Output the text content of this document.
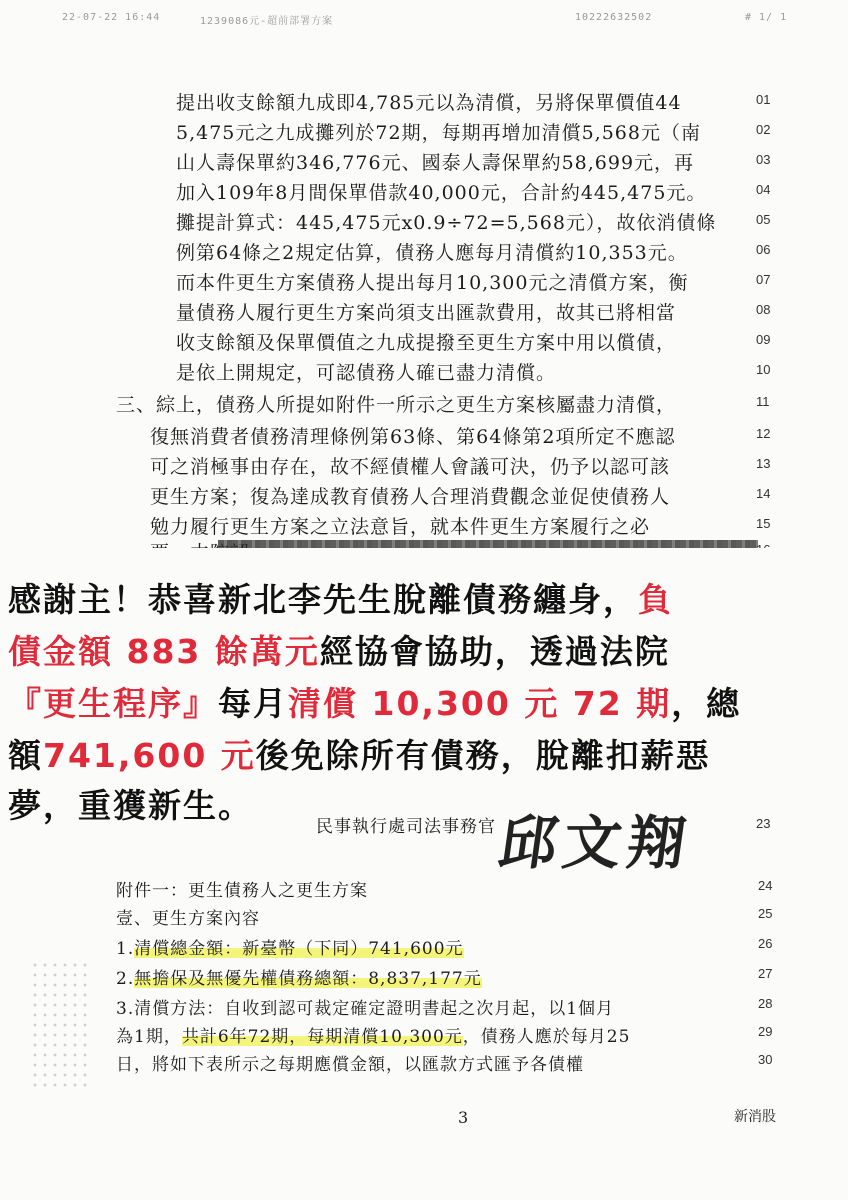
22-07-22 16:44	1239086元-超前部署方案	10222632502	# 1/ 1
提出收支餘額九成即4,785元以為清償，另將保單價值44	01
5,475元之九成攤列於72期，每期再增加清償5,568元（南	02
山人壽保單約346,776元、國泰人壽保單約58,699元，再	03
加入109年8月間保單借款40,000元，合計約445,475元。	04
攤提計算式：445,475元x0.9÷72=5,568元），故依消債條	05
例第64條之2規定估算，債務人應每月清償約10,353元。	06
而本件更生方案債務人提出每月10,300元之清償方案，衡	07
量債務人履行更生方案尚須支出匯款費用，故其已將相當	08
收支餘額及保單價值之九成提撥至更生方案中用以償債，	09
是依上開規定，可認債務人確已盡力清償。	10
三、綜上，債務人所提如附件一所示之更生方案核屬盡力清償，	11
復無消費者債務清理條例第63條、第64條第2項所定不應認	12
可之消極事由存在，故不經債權人會議可決，仍予以認可該	13
更生方案；復為達成教育債務人合理消費觀念並促使債務人	14
勉力履行更生方案之立法意旨，就本件更生方案履行之必	15
感謝主！恭喜新北李先生脫離債務纏身，負
債金額 883 餘萬元經協會協助，透過法院
『更生程序』每月清償 10,300 元 72 期，總
額741,600 元後免除所有債務，脫離扣薪惡
夢，重獲新生。
民事執行處司法事務官	23
邱文翔
附件一：更生債務人之更生方案	24
壹、更生方案內容	25
1.清償總金額：新臺幣（下同）741,600元	26
2.無擔保及無優先權債務總額：8,837,177元	27
3.清償方法：自收到認可裁定確定證明書起之次月起，以1個月	28
為1期，共計6年72期，每期清償10,300元，債務人應於每月25	29
日，將如下表所示之每期應償金額，以匯款方式匯予各債權	30
3	新消股
